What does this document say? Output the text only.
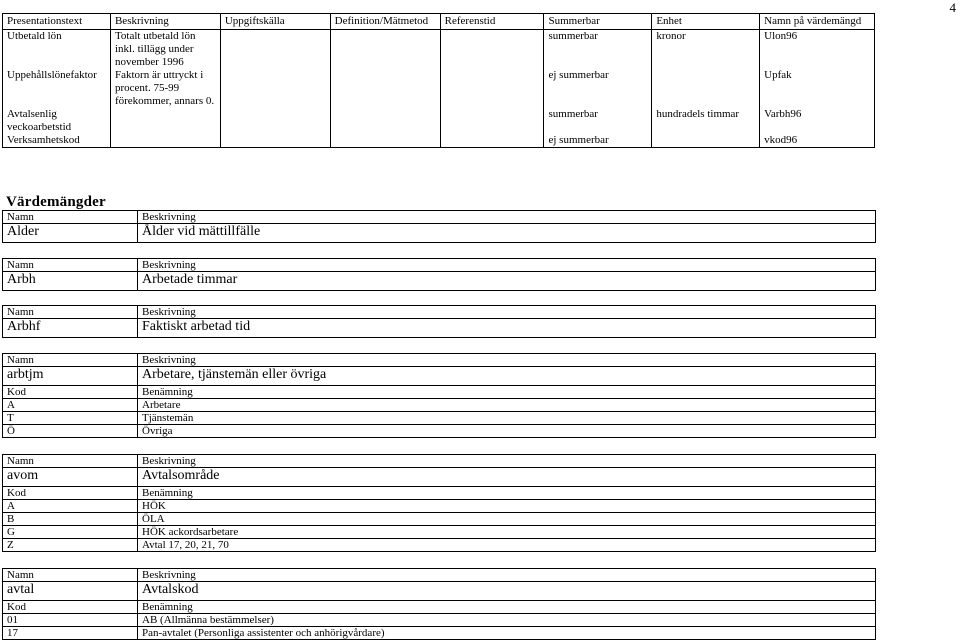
4
Presentationstext	Beskrivning	Uppgiftskälla	Definition/Mätmetod	Referenstid	Summerbar	Enhet	Namn på värdemängd
Utbetald lön	Totalt utbetald lön inkl. tillägg under november 1996				summerbar	kronor	Ulon96
Uppehållslönefaktor	Faktorn är uttryckt i procent. 75-99 förekommer, annars 0.				ej summerbar		Upfak
Avtalsenlig veckoarbetstid					summerbar	hundradels timmar	Varbh96
Verksamhetskod					ej summerbar		vkod96
Värdemängder
Namn	Beskrivning
Alder	Ålder vid mättillfälle
Namn	Beskrivning
Arbh	Arbetade timmar
Namn	Beskrivning
Arbhf	Faktiskt arbetad tid
Namn	Beskrivning
arbtjm	Arbetare, tjänstemän eller övriga
Kod	Benämning
A	Arbetare
T	Tjänstemän
Ö	Övriga
Namn	Beskrivning
avom	Avtalsområde
Kod	Benämning
A	HÖK
B	ÖLA
G	HÖK ackordsarbetare
Z	Avtal 17, 20, 21, 70
Namn	Beskrivning
avtal	Avtalskod
Kod	Benämning
01	AB (Allmänna bestämmelser)
17	Pan-avtalet (Personliga assistenter och anhörigvårdare)
